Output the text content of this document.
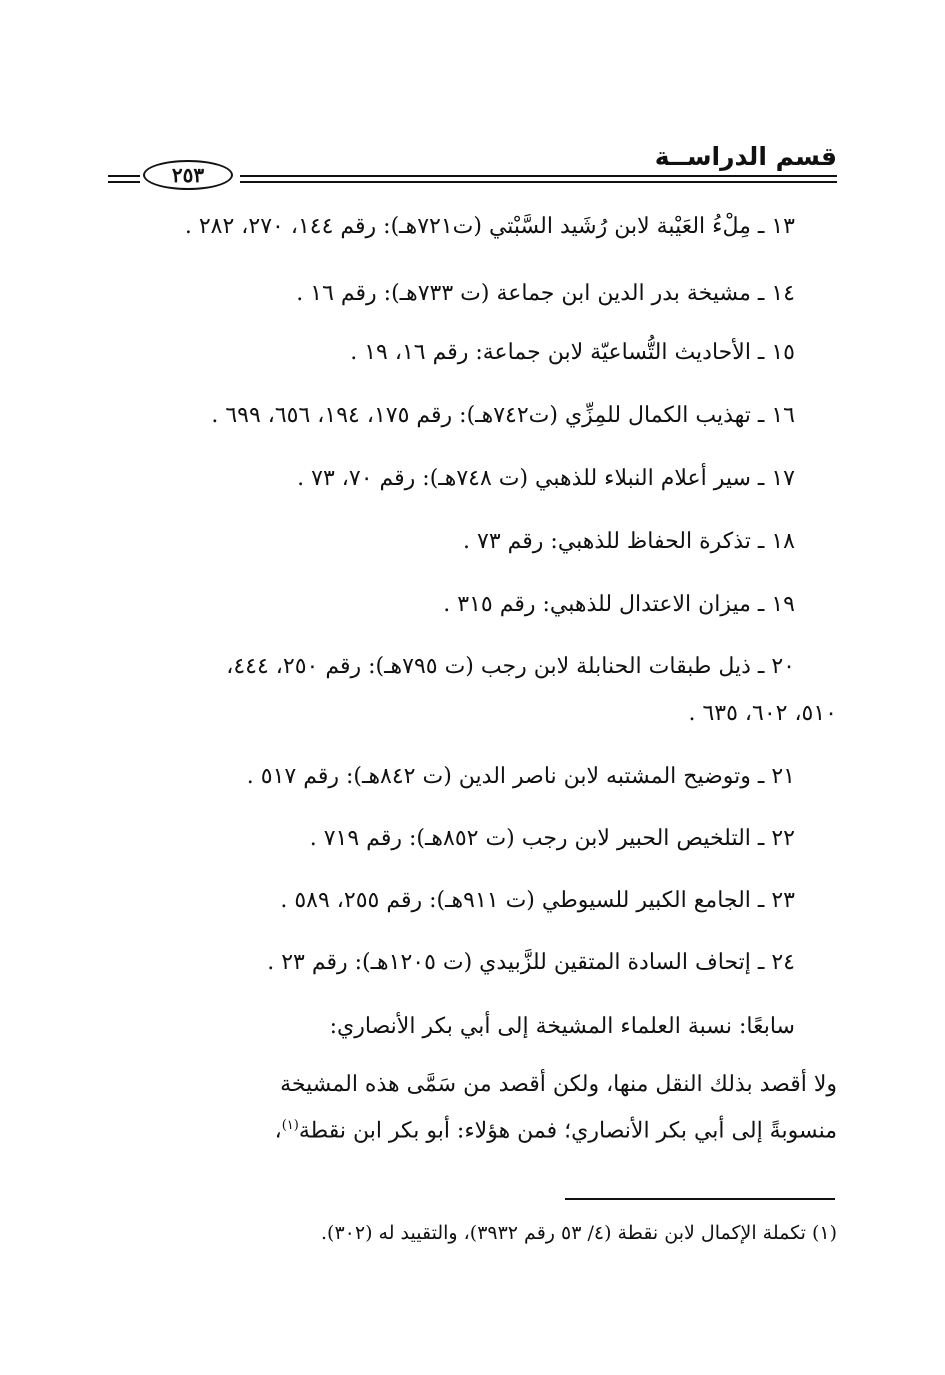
قسم الدراســة
٢٥٣
١٣ ـ مِلْءُ العَيْبة لابن رُشَيد السَّبْتي (ت٧٢١هـ): رقم ١٤٤، ٢٧٠، ٢٨٢ .
١٤ ـ مشيخة بدر الدين ابن جماعة (ت ٧٣٣هـ): رقم ١٦ .
١٥ ـ الأحاديث التُّساعيّة لابن جماعة: رقم ١٦، ١٩ .
١٦ ـ تهذيب الكمال للمِزِّي (ت٧٤٢هـ): رقم ١٧٥، ١٩٤، ٦٥٦، ٦٩٩ .
١٧ ـ سير أعلام النبلاء للذهبي (ت ٧٤٨هـ): رقم ٧٠، ٧٣ .
١٨ ـ تذكرة الحفاظ للذهبي: رقم ٧٣ .
١٩ ـ ميزان الاعتدال للذهبي: رقم ٣١٥ .
٢٠ ـ ذيل طبقات الحنابلة لابن رجب (ت ٧٩٥هـ): رقم ٢٥٠، ٤٤٤،
٥١٠، ٦٠٢، ٦٣٥ .
٢١ ـ وتوضيح المشتبه لابن ناصر الدين (ت ٨٤٢هـ): رقم ٥١٧ .
٢٢ ـ التلخيص الحبير لابن رجب (ت ٨٥٢هـ): رقم ٧١٩ .
٢٣ ـ الجامع الكبير للسيوطي (ت ٩١١هـ): رقم ٢٥٥، ٥٨٩ .
٢٤ ـ إتحاف السادة المتقين للزَّبيدي (ت ١٢٠٥هـ): رقم ٢٣ .
سابعًا: نسبة العلماء المشيخة إلى أبي بكر الأنصاري:
ولا أقصد بذلك النقل منها، ولكن أقصد من سَمَّى هذه المشيخة
منسوبةً إلى أبي بكر الأنصاري؛ فمن هؤلاء: أبو بكر ابن نقطة$^{(١)}$،
(١) تكملة الإكمال لابن نقطة (٤/ ٥٣ رقم ٣٩٣٢)، والتقييد له (٣٠٢).
